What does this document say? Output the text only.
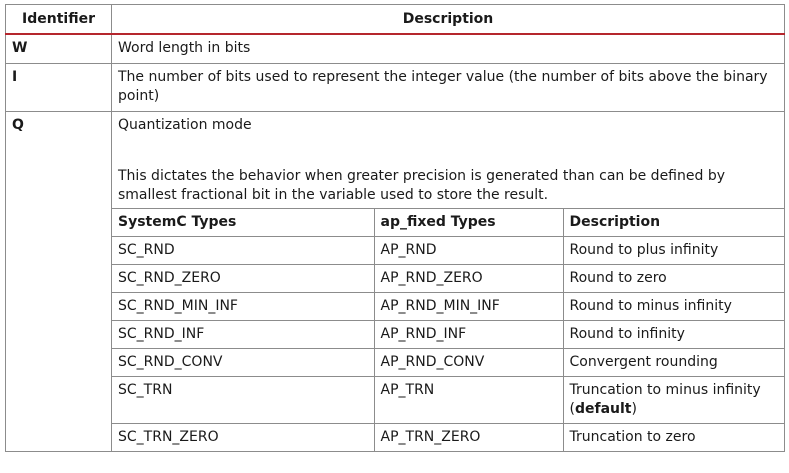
Identifier	Description
W	Word length in bits
I	The number of bits used to represent the integer value (the number of bits above the binary point)
Q	Quantization mode
This dictates the behavior when greater precision is generated than can be defined by smallest fractional bit in the variable used to store the result.
SystemC Types	ap_fixed Types	Description
SC_RND	AP_RND	Round to plus infinity
SC_RND_ZERO	AP_RND_ZERO	Round to zero
SC_RND_MIN_INF	AP_RND_MIN_INF	Round to minus infinity
SC_RND_INF	AP_RND_INF	Round to infinity
SC_RND_CONV	AP_RND_CONV	Convergent rounding
SC_TRN	AP_TRN	Truncation to minus infinity (default)
SC_TRN_ZERO	AP_TRN_ZERO	Truncation to zero
